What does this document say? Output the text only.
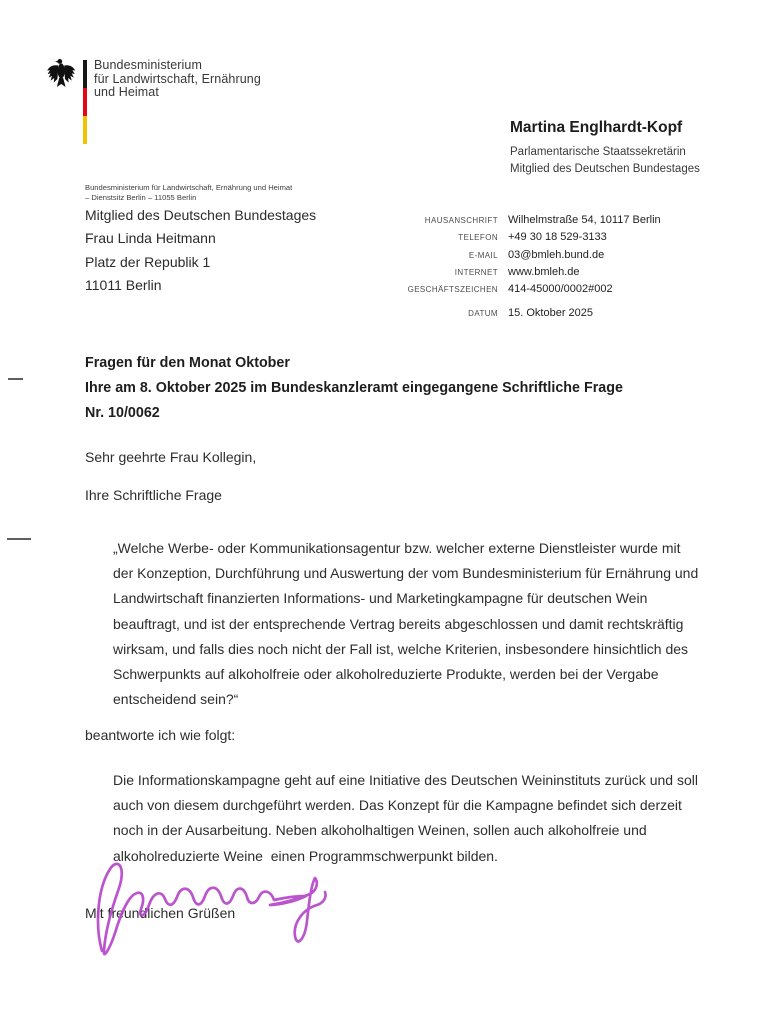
Bundesministerium
für Landwirtschaft, Ernährung
und Heimat
Martina Englhardt-Kopf
Parlamentarische Staatssekretärin
Mitglied des Deutschen Bundestages
Bundesministerium für Landwirtschaft, Ernährung und Heimat
– Dienstsitz Berlin – 11055 Berlin
Mitglied des Deutschen Bundestages
Frau Linda Heitmann
Platz der Republik 1
11011 Berlin
HAUSANSCHRIFT Wilhelmstraße 54, 10117 Berlin
TELEFON +49 30 18 529-3133
E-MAIL 03@bmleh.bund.de
INTERNET www.bmleh.de
GESCHÄFTSZEICHEN 414-45000/0002#002
DATUM 15. Oktober 2025
Fragen für den Monat Oktober
Ihre am 8. Oktober 2025 im Bundeskanzleramt eingegangene Schriftliche Frage
Nr. 10/0062
Sehr geehrte Frau Kollegin,
Ihre Schriftliche Frage
„Welche Werbe- oder Kommunikationsagentur bzw. welcher externe Dienstleister wurde mit der Konzeption, Durchführung und Auswertung der vom Bundesministerium für Ernährung und Landwirtschaft finanzierten Informations- und Marketingkampagne für deutschen Wein beauftragt, und ist der entsprechende Vertrag bereits abgeschlossen und damit rechtskräftig wirksam, und falls dies noch nicht der Fall ist, welche Kriterien, insbesondere hinsichtlich des Schwerpunkts auf alkoholfreie oder alkoholreduzierte Produkte, werden bei der Vergabe entscheidend sein?“
beantworte ich wie folgt:
Die Informationskampagne geht auf eine Initiative des Deutschen Weininstituts zurück und soll auch von diesem durchgeführt werden. Das Konzept für die Kampagne befindet sich derzeit noch in der Ausarbeitung. Neben alkoholhaltigen Weinen, sollen auch alkoholfreie und alkoholreduzierte Weine  einen Programmschwerpunkt bilden.
Mit freundlichen Grüßen
